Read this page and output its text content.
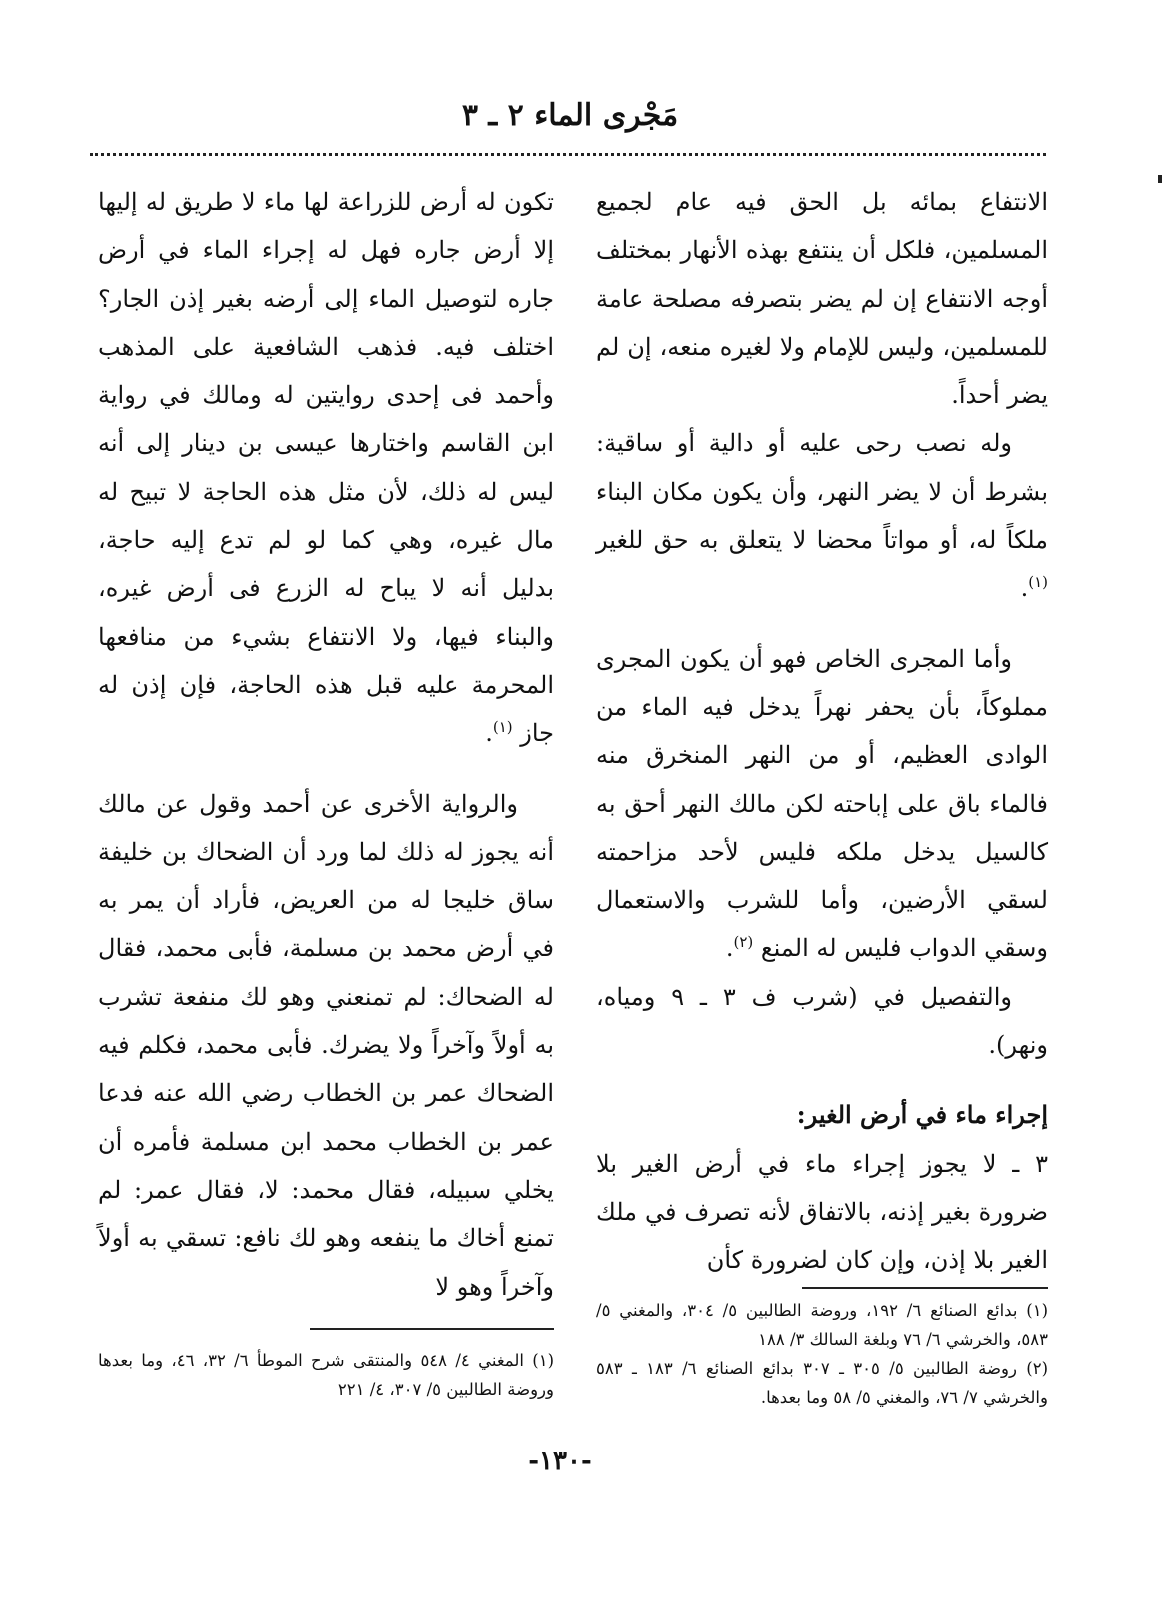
مَجْرى الماء ٢ ـ ٣

الانتفاع بمائه بل الحق فيه عام لجميع المسلمين، فلكل أن ينتفع بهذه الأنهار بمختلف أوجه الانتفاع إن لم يضر بتصرفه مصلحة عامة للمسلمين، وليس للإمام ولا لغيره منعه، إن لم يضر أحداً.

وله نصب رحى عليه أو دالية أو ساقية: بشرط أن لا يضر النهر، وأن يكون مكان البناء ملكاً له، أو مواتاً محضا لا يتعلق به حق للغير $^{(١)}$.

وأما المجرى الخاص فهو أن يكون المجرى مملوكاً، بأن يحفر نهراً يدخل فيه الماء من الوادى العظيم، أو من النهر المنخرق منه فالماء باق على إباحته لكن مالك النهر أحق به كالسيل يدخل ملكه فليس لأحد مزاحمته لسقي الأرضين، وأما للشرب والاستعمال وسقي الدواب فليس له المنع $^{(٢)}$.

والتفصيل في (شرب ف ٣ ـ ٩ ومياه، ونهر).

إجراء ماء في أرض الغير:

٣ ـ لا يجوز إجراء ماء في أرض الغير بلا ضرورة بغير إذنه، بالاتفاق لأنه تصرف في ملك الغير بلا إذن، وإن كان لضرورة كأن

تكون له أرض للزراعة لها ماء لا طريق له إليها إلا أرض جاره فهل له إجراء الماء في أرض جاره لتوصيل الماء إلى أرضه بغير إذن الجار؟ اختلف فيه. فذهب الشافعية على المذهب وأحمد فى إحدى روايتين له ومالك في رواية ابن القاسم واختارها عيسى بن دينار إلى أنه ليس له ذلك، لأن مثل هذه الحاجة لا تبيح له مال غيره، وهي كما لو لم تدع إليه حاجة، بدليل أنه لا يباح له الزرع فى أرض غيره، والبناء فيها، ولا الانتفاع بشيء من منافعها المحرمة عليه قبل هذه الحاجة، فإن إذن له جاز $^{(١)}$.

والرواية الأخرى عن أحمد وقول عن مالك أنه يجوز له ذلك لما ورد أن الضحاك بن خليفة ساق خليجا له من العريض، فأراد أن يمر به في أرض محمد بن مسلمة، فأبى محمد، فقال له الضحاك: لم تمنعني وهو لك منفعة تشرب به أولاً وآخراً ولا يضرك. فأبى محمد، فكلم فيه الضحاك عمر بن الخطاب رضي الله عنه فدعا عمر بن الخطاب محمد ابن مسلمة فأمره أن يخلي سبيله، فقال محمد: لا، فقال عمر: لم تمنع أخاك ما ينفعه وهو لك نافع: تسقي به أولاً وآخراً وهو لا

(١) بدائع الصنائع ٦/ ١٩٢، وروضة الطالبين ٥/ ٣٠٤، والمغني ٥/ ٥٨٣، والخرشي ٦/ ٧٦ وبلغة السالك ٣/ ١٨٨

(٢) روضة الطالبين ٥/ ٣٠٥ ـ ٣٠٧ بدائع الصنائع ٦/ ١٨٣ ـ ٥٨٣ والخرشي ٧/ ٧٦، والمغني ٥/ ٥٨ وما بعدها.

(١) المغني ٤/ ٥٤٨ والمنتقى شرح الموطأ ٦/ ٣٢، ٤٦، وما بعدها وروضة الطالبين ٥/ ٣٠٧، ٤/ ٢٢١

-١٣٠-
